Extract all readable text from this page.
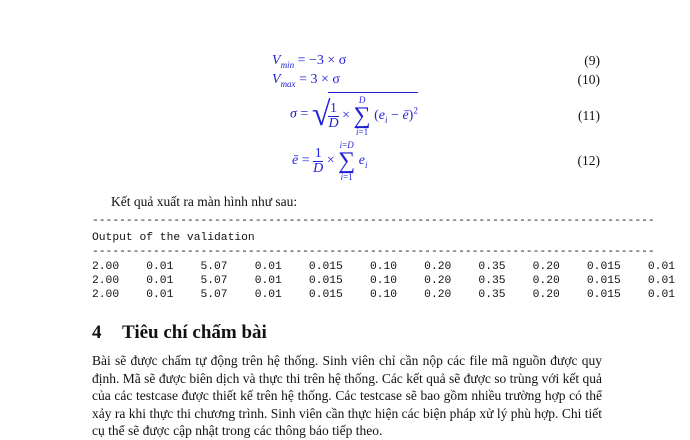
$V_{min} = -3 \times \sigma$	(9)
$V_{max} = 3 \times \sigma$	(10)
σ = √
$\frac{1}{D}$ ×
D
∑
i=1
($e_i$ − ē)$^2$	(11)
ē = $\frac{1}{D}$ ×
i=D
∑
i=1
$e_i$	(12)
Kết quả xuất ra màn hình như sau:
-----------------------------------------------------------------------------------
Output of the validation
-----------------------------------------------------------------------------------
2.00    0.01    5.07    0.01    0.015    0.10    0.20    0.35    0.20    0.015    0.01
2.00    0.01    5.07    0.01    0.015    0.10    0.20    0.35    0.20    0.015    0.01
2.00    0.01    5.07    0.01    0.015    0.10    0.20    0.35    0.20    0.015    0.01
4 Tiêu chí chấm bài
Bài sẽ được chấm tự động trên hệ thống. Sinh viên chỉ cần nộp các file mã nguồn được quy định. Mã sẽ được biên dịch và thực thi trên hệ thống. Các kết quả sẽ được so trùng với kết quả của các testcase được thiết kế trên hệ thống. Các testcase sẽ bao gồm nhiều trường hợp có thể xảy ra khi thực thi chương trình. Sinh viên cần thực hiện các biện pháp xử lý phù hợp. Chi tiết cụ thể sẽ được cập nhật trong các thông báo tiếp theo.
